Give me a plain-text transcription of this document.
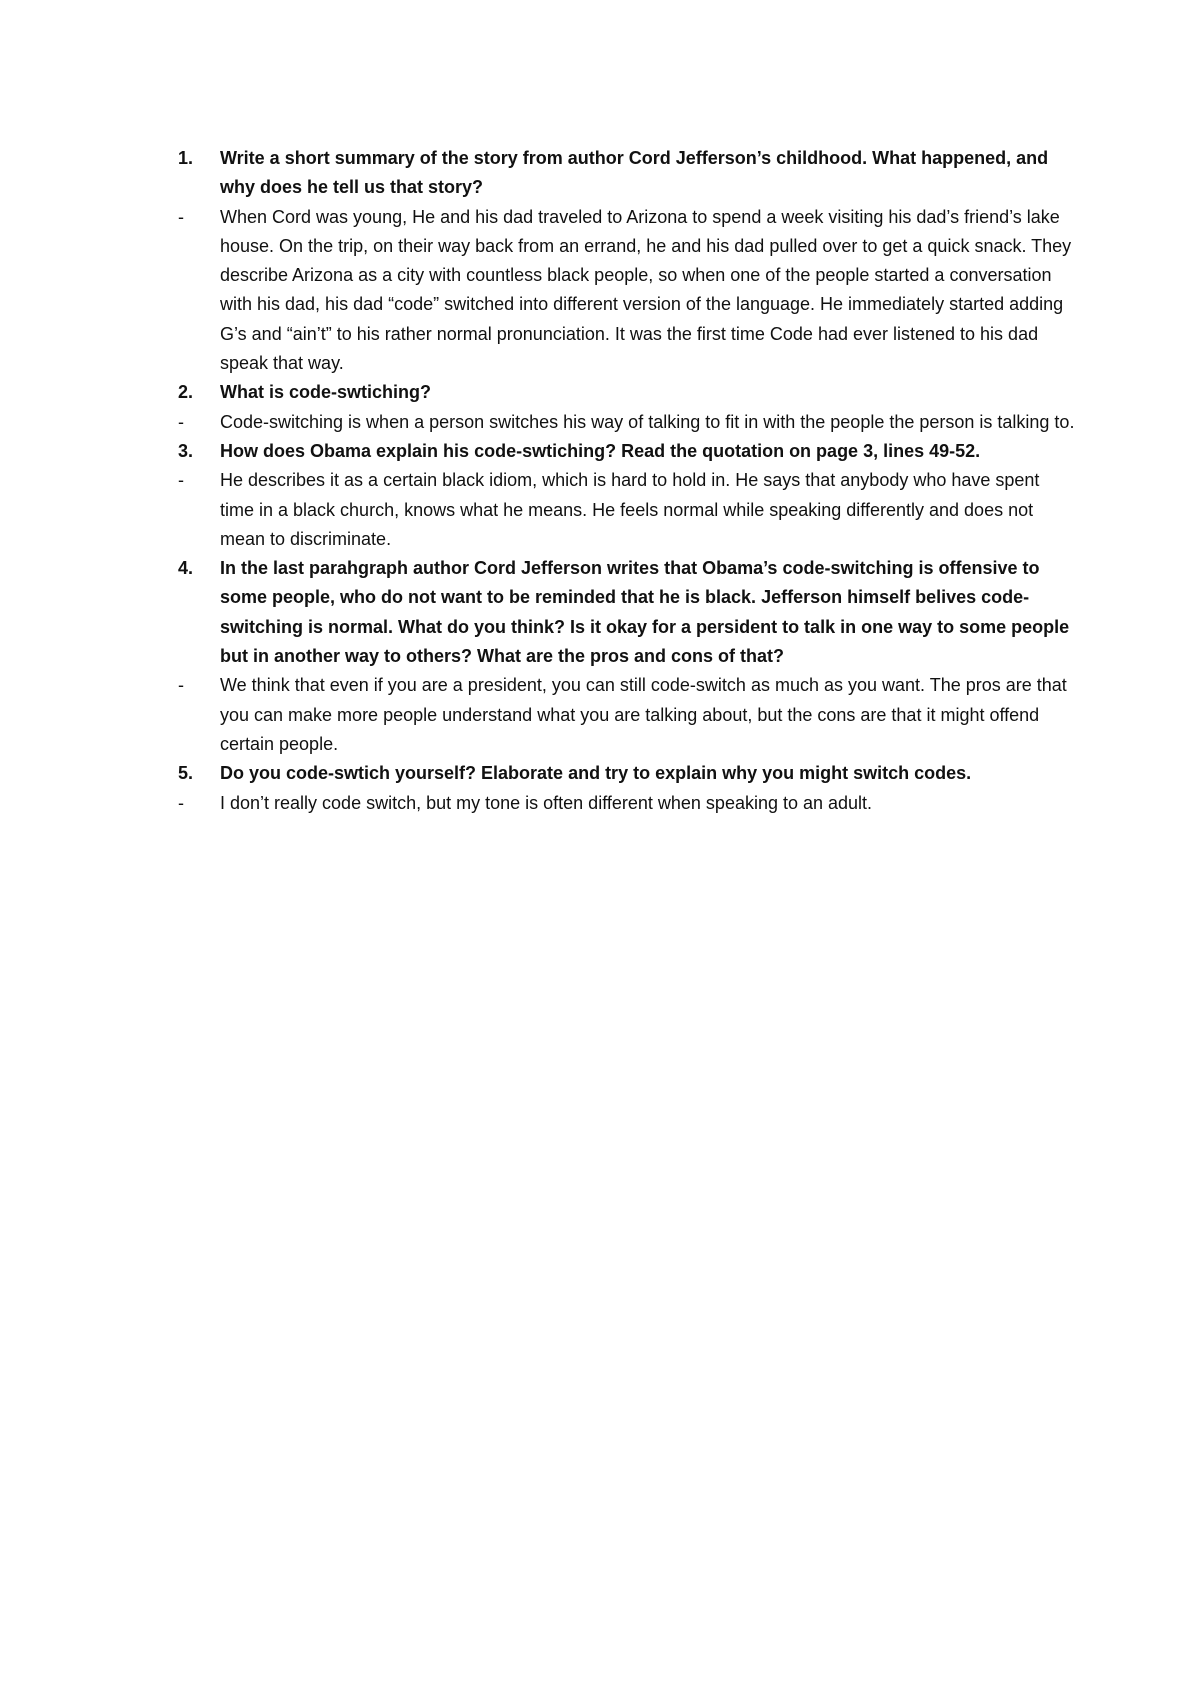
1.	Write a short summary of the story from author Cord Jefferson’s childhood. What happened, and why does he tell us that story?
-	When Cord was young, He and his dad traveled to Arizona to spend a week visiting his dad’s friend’s lake house. On the trip, on their way back from an errand, he and his dad pulled over to get a quick snack. They describe Arizona as a city with countless black people, so when one of the people started a conversation with his dad, his dad “code” switched into different version of the language. He immediately started adding G’s and “ain’t” to his rather normal pronunciation. It was the first time Code had ever listened to his dad speak that way.
2.	What is code-swtiching?
-	Code-switching is when a person switches his way of talking to fit in with the people the person is talking to.
3.	How does Obama explain his code-swtiching? Read the quotation on page 3, lines 49-52.
-	He describes it as a certain black idiom, which is hard to hold in. He says that anybody who have spent time in a black church, knows what he means. He feels normal while speaking differently and does not mean to discriminate.
4.	In the last parahgraph author Cord Jefferson writes that Obama’s code-switching is offensive to some people, who do not want to be reminded that he is black. Jefferson himself belives code-switching is normal. What do you think? Is it okay for a persident to talk in one way to some people but in another way to others? What are the pros and cons of that?
-	We think that even if you are a president, you can still code-switch as much as you want. The pros are that you can make more people understand what you are talking about, but the cons are that it might offend certain people.
5.	Do you code-swtich yourself? Elaborate and try to explain why you might switch codes.
-	I don’t really code switch, but my tone is often different when speaking to an adult.
